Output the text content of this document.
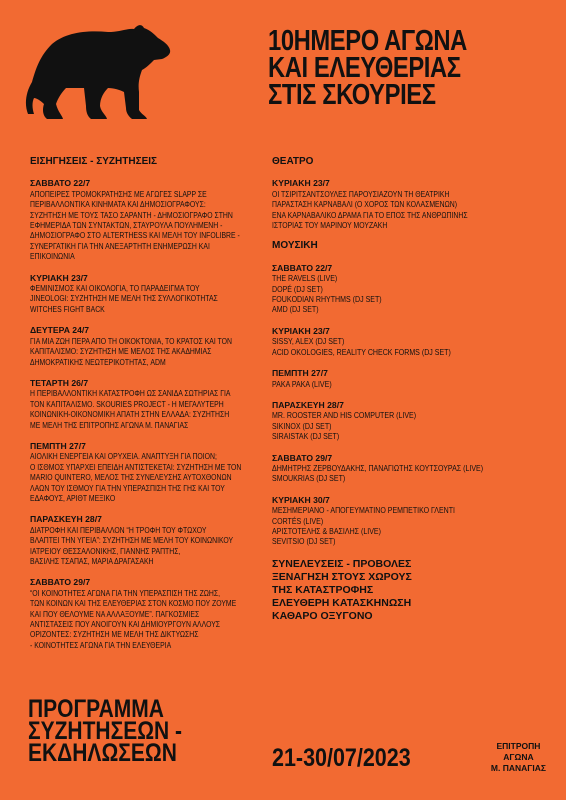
10ΗΜΕΡΟ ΑΓΩΝΑ
ΚΑΙ ΕΛΕΥΘΕΡΙΑΣ
ΣΤΙΣ ΣΚΟΥΡΙΕΣ
ΕΙΣΗΓΗΣΕΙΣ - ΣΥΖΗΤΗΣΕΙΣ
ΣΑΒΒΑΤΟ 22/7
ΑΠΟΠΕΙΡΕΣ ΤΡΟΜΟΚΡΑΤΗΣΗΣ ΜΕ ΑΓΩΓΕΣ SLAPP ΣΕ
ΠΕΡΙΒΑΛΛΟΝΤΙΚΑ ΚΙΝΗΜΑΤΑ ΚΑΙ ΔΗΜΟΣΙΟΓΡΑΦΟΥΣ:
ΣΥΖΗΤΗΣΗ ΜΕ ΤΟΥΣ ΤΑΣΟ ΣΑΡΑΝΤΗ - ΔΗΜΟΣΙΟΓΡΑΦΟ ΣΤΗΝ
ΕΦΗΜΕΡΙΔΑ ΤΩΝ ΣΥΝΤΑΚΤΩΝ, ΣΤΑΥΡΟΥΛΑ ΠΟΥΛΗΜΕΝΗ -
ΔΗΜΟΣΙΟΓΡΑΦΟ ΣΤΟ ALTERTHESS ΚΑΙ ΜΕΛΗ ΤΟΥ INFOLIBRE -
ΣΥΝΕΡΓΑΤΙΚΗ ΓΙΑ ΤΗΝ ΑΝΕΞΑΡΤΗΤΗ ΕΝΗΜΕΡΩΣΗ ΚΑΙ
ΕΠΙΚΟΙΝΩΝΙΑ
ΚΥΡΙΑΚΗ 23/7
ΦΕΜΙΝΙΣΜΟΣ ΚΑΙ ΟΙΚΟΛΟΓΙΑ, ΤΟ ΠΑΡΑΔΕΙΓΜΑ ΤΟΥ
JINEOLOGI: ΣΥΖΗΤΗΣΗ ΜΕ ΜΕΛΗ ΤΗΣ ΣΥΛΛΟΓΙΚΟΤΗΤΑΣ
WITCHES FIGHT BACK
ΔΕΥΤΕΡΑ 24/7
ΓΙΑ ΜΙΑ ΖΩΗ ΠΕΡΑ ΑΠΟ ΤΗ ΟΙΚΟΚΤΟΝΙΑ, ΤΟ ΚΡΑΤΟΣ ΚΑΙ ΤΟΝ
ΚΑΠΙΤΑΛΙΣΜΟ: ΣΥΖΗΤΗΣΗ ΜΕ ΜΕΛΟΣ ΤΗΣ ΑΚΑΔΗΜΙΑΣ
ΔΗΜΟΚΡΑΤΙΚΗΣ ΝΕΩΤΕΡΙΚΟΤΗΤΑΣ, ADM
ΤΕΤΑΡΤΗ 26/7
Η ΠΕΡΙΒΑΛΛΟΝΤΙΚΗ ΚΑΤΑΣΤΡΟΦΗ ΩΣ ΣΑΝΙΔΑ ΣΩΤΗΡΙΑΣ ΓΙΑ
ΤΟΝ ΚΑΠΙΤΑΛΙΣΜΟ. SKOURIES PROJECT - Η ΜΕΓΑΛΥΤΕΡΗ
ΚΟΙΝΩΝΙΚΗ-ΟΙΚΟΝΟΜΙΚΗ ΑΠΑΤΗ ΣΤΗΝ ΕΛΛΑΔΑ: ΣΥΖΗΤΗΣΗ
ΜΕ ΜΕΛΗ ΤΗΣ ΕΠΙΤΡΟΠΗΣ ΑΓΩΝΑ Μ. ΠΑΝΑΓΙΑΣ
ΠΕΜΠΤΗ 27/7
ΑΙΟΛΙΚΗ ΕΝΕΡΓΕΙΑ ΚΑΙ ΟΡΥΧΕΙΑ. ΑΝΑΠΤΥΞΗ ΓΙΑ ΠΟΙΟΝ;
Ο ΙΣΘΜΟΣ ΥΠΑΡΧΕΙ ΕΠΕΙΔΗ ΑΝΤΙΣΤΕΚΕΤΑΙ: ΣΥΖΗΤΗΣΗ ΜΕ ΤΟΝ
MARIO QUINTERO, ΜΕΛΟΣ ΤΗΣ ΣΥΝΕΛΕΥΣΗΣ ΑΥΤΟΧΘΟΝΩΝ
ΛΑΩΝ ΤΟΥ ΙΣΘΜΟΥ ΓΙΑ ΤΗΝ ΥΠΕΡΑΣΠΙΣΗ ΤΗΣ ΓΗΣ ΚΑΙ ΤΟΥ
ΕΔΑΦΟΥΣ, ΑΡΙΘΤ ΜΕΞΙΚΟ
ΠΑΡΑΣΚΕΥΗ 28/7
ΔΙΑΤΡΟΦΗ ΚΑΙ ΠΕΡΙΒΑΛΛΟΝ “Η ΤΡΟΦΗ ΤΟΥ ΦΤΩΧΟΥ
ΒΛΑΠΤΕΙ ΤΗΝ ΥΓΕΙΑ”: ΣΥΖΗΤΗΣΗ ΜΕ ΜΕΛΗ ΤΟΥ ΚΟΙΝΩΝΙΚΟΥ
ΙΑΤΡΕΙΟΥ ΘΕΣΣΑΛΟΝΙΚΗΣ, ΓΙΑΝΝΗΣ ΡΑΠΤΗΣ,
ΒΑΣΙΛΗΣ ΤΣΑΠΑΣ, ΜΑΡΙΑ ΔΡΑΓΑΣΑΚΗ
ΣΑΒΒΑΤΟ 29/7
“ΟΙ ΚΟΙΝΟΤΗΤΕΣ ΑΓΩΝΑ ΓΙΑ ΤΗΝ ΥΠΕΡΑΣΠΙΣΗ ΤΗΣ ΖΩΗΣ,
ΤΩΝ ΚΟΙΝΩΝ ΚΑΙ ΤΗΣ ΕΛΕΥΘΕΡΙΑΣ ΣΤΟΝ ΚΟΣΜΟ ΠΟΥ ΖΟΥΜΕ
ΚΑΙ ΠΟΥ ΘΕΛΟΥΜΕ ΝΑ ΑΛΛΑΞΟΥΜΕ”. ΠΑΓΚΟΣΜΙΕΣ
ΑΝΤΙΣΤΑΣΕΙΣ ΠΟΥ ΑΝΟΙΓΟΥΝ ΚΑΙ ΔΗΜΙΟΥΡΓΟΥΝ ΑΛΛΟΥΣ
ΟΡΙΖΟΝΤΕΣ: ΣΥΖΗΤΗΣΗ ΜΕ ΜΕΛΗ ΤΗΣ ΔΙΚΤΥΩΣΗΣ
- ΚΟΙΝΟΤΗΤΕΣ ΑΓΩΝΑ ΓΙΑ ΤΗΝ ΕΛΕΥΘΕΡΙΑ
ΘΕΑΤΡΟ
ΚΥΡΙΑΚΗ 23/7
ΟΙ ΤΣΙΡΙΤΣΑΝΤΣΟΥΛΕΣ ΠΑΡΟΥΣΙΑΖΟΥΝ ΤΗ ΘΕΑΤΡΙΚΗ
ΠΑΡΑΣΤΑΣΗ ΚΑΡΝΑΒΑΛΙ (Ο ΧΟΡΟΣ ΤΩΝ ΚΟΛΑΣΜΕΝΩΝ)
ΕΝΑ ΚΑΡΝΑΒΑΛΙΚΟ ΔΡΑΜΑ ΓΙΑ ΤΟ ΕΠΟΣ ΤΗΣ ΑΝΘΡΩΠΙΝΗΣ
ΙΣΤΟΡΙΑΣ ΤΟΥ ΜΑΡΙΝΟΥ ΜΟΥΖΑΚΗ
ΜΟΥΣΙΚΗ
ΣΑΒΒΑΤΟ 22/7
THE RAVELS (LIVE)
DOPÉ (DJ SET)
FOUKODIAN RHYTHMS (DJ SET)
AMD (DJ SET)
ΚΥΡΙΑΚΗ 23/7
SISSY, ALEX (DJ SET)
ACID OKOLOGIES, REALITY CHECK FORMS (DJ SET)
ΠΕΜΠΤΗ 27/7
PAKA PAKA (LIVE)
ΠΑΡΑΣΚΕΥΗ 28/7
MR. ROOSTER AND HIS COMPUTER (LIVE)
SIKINOX (DJ SET)
SIRAISTAK (DJ SET)
ΣΑΒΒΑΤΟ 29/7
ΔΗΜΗΤΡΗΣ ΖΕΡΒΟΥΔΑΚΗΣ, ΠΑΝΑΓΙΩΤΗΣ ΚΟΥΤΣΟΥΡΑΣ (LIVE)
SMOUKRIAS (DJ SET)
ΚΥΡΙΑΚΗ 30/7
ΜΕΣΗΜΕΡΙΑΝΟ - ΑΠΟΓΕΥΜΑΤΙΝΟ ΡΕΜΠΕΤΙΚΟ ΓΛΕΝΤΙ
CORTÉS (LIVE)
ΑΡΙΣΤΟΤΕΛΗΣ & ΒΑΣΙΛΗΣ (LIVE)
SEVITSIO (DJ SET)
ΣΥΝΕΛΕΥΣΕΙΣ - ΠΡΟΒΟΛΕΣ
ΞΕΝΑΓΗΣΗ ΣΤΟΥΣ ΧΩΡΟΥΣ
ΤΗΣ ΚΑΤΑΣΤΡΟΦΗΣ
ΕΛΕΥΘΕΡΗ ΚΑΤΑΣΚΗΝΩΣΗ
ΚΑΘΑΡΟ ΟΞΥΓΟΝΟ
ΠΡΟΓΡΑΜΜΑ
ΣΥΖΗΤΗΣΕΩΝ -
ΕΚΔΗΛΩΣΕΩΝ	21-30/07/2023	ΕΠΙΤΡΟΠΗ
ΑΓΩΝΑ
Μ. ΠΑΝΑΓΙΑΣ
